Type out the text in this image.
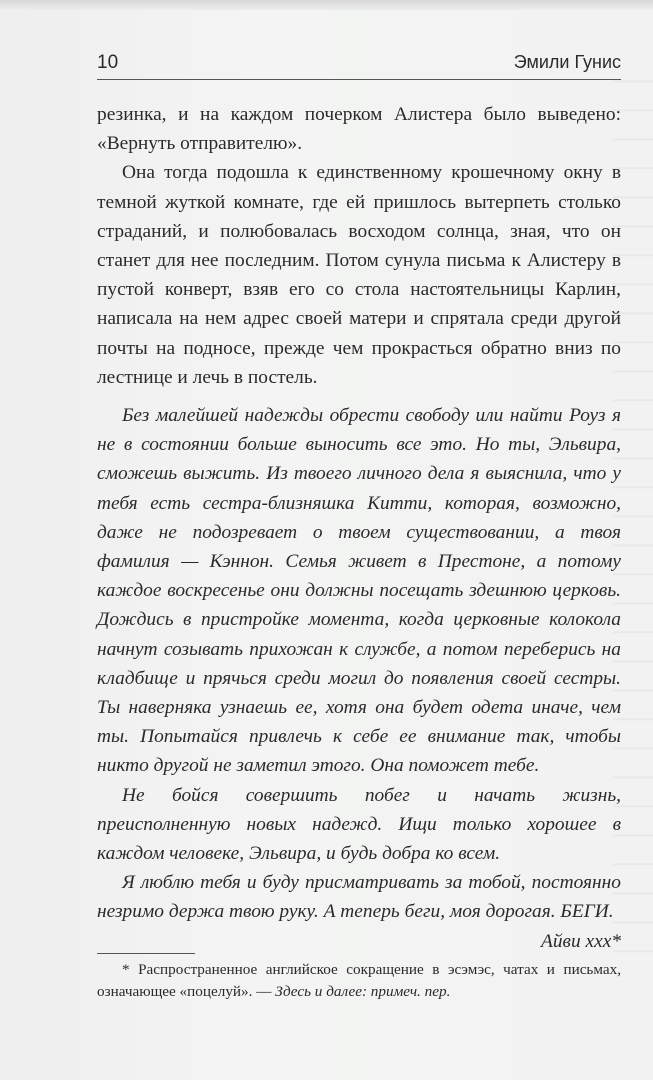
10	Эмили Гунис

резинка, и на каждом почерком Алистера было выведено: «Вернуть отправителю».

Она тогда подошла к единственному крошечному окну в темной жуткой комнате, где ей пришлось вытерпеть столько страданий, и полюбовалась восходом солнца, зная, что он станет для нее последним. Потом сунула письма к Алистеру в пустой конверт, взяв его со стола настоятельницы Карлин, написала на нем адрес своей матери и спрятала среди другой почты на подносе, прежде чем прокрасться обратно вниз по лестнице и лечь в постель.

Без малейшей надежды обрести свободу или найти Роуз я не в состоянии больше выносить все это. Но ты, Эльвира, сможешь выжить. Из твоего личного дела я выяснила, что у тебя есть сестра-близняшка Китти, которая, возможно, даже не подозревает о твоем существовании, а твоя фамилия — Кэннон. Семья живет в Престоне, а потому каждое воскресенье они должны посещать здешнюю церковь. Дождись в пристройке момента, когда церковные колокола начнут созывать прихожан к службе, а потом переберись на кладбище и прячься среди могил до появления своей сестры. Ты наверняка узнаешь ее, хотя она будет одета иначе, чем ты. Попытайся привлечь к себе ее внимание так, чтобы никто другой не заметил этого. Она поможет тебе.

Не бойся совершить побег и начать жизнь, преисполненную новых надежд. Ищи только хорошее в каждом человеке, Эльвира, и будь добра ко всем.

Я люблю тебя и буду присматривать за тобой, постоянно незримо держа твою руку. А теперь беги, моя дорогая. БЕГИ.

Айви ххх*

* Распространенное английское сокращение в эсэмэс, чатах и письмах, означающее «поцелуй». — Здесь и далее: примеч. пер.
